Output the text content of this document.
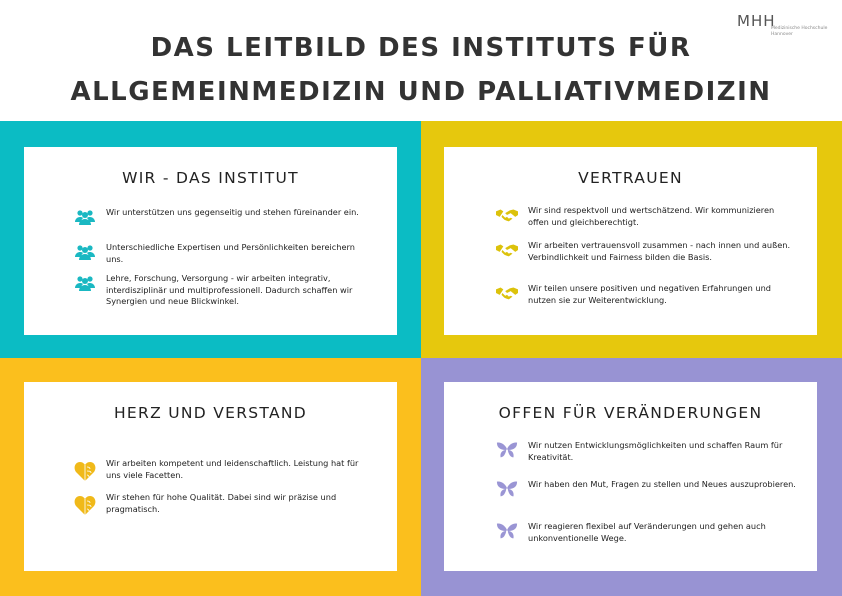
MHH
Medizinische Hochschule Hannover
DAS LEITBILD DES INSTITUTS FÜR
ALLGEMEINMEDIZIN UND PALLIATIVMEDIZIN
WIR - DAS INSTITUT
Wir unterstützen uns gegenseitig und stehen füreinander ein.
Unterschiedliche Expertisen und Persönlichkeiten bereichern uns.
Lehre, Forschung, Versorgung - wir arbeiten integrativ, interdisziplinär und multiprofessionell. Dadurch schaffen wir Synergien und neue Blickwinkel.
VERTRAUEN
Wir sind respektvoll und wertschätzend. Wir kommunizieren offen und gleichberechtigt.
Wir arbeiten vertrauensvoll zusammen - nach innen und außen. Verbindlichkeit und Fairness bilden die Basis.
Wir teilen unsere positiven und negativen Erfahrungen und nutzen sie zur Weiterentwicklung.
HERZ UND VERSTAND
Wir arbeiten kompetent und leidenschaftlich. Leistung hat für uns viele Facetten.
Wir stehen für hohe Qualität. Dabei sind wir präzise und pragmatisch.
OFFEN FÜR VERÄNDERUNGEN
Wir nutzen Entwicklungsmöglichkeiten und schaffen Raum für Kreativität.
Wir haben den Mut, Fragen zu stellen und Neues auszuprobieren.
Wir reagieren flexibel auf Veränderungen und gehen auch unkonventionelle Wege.
